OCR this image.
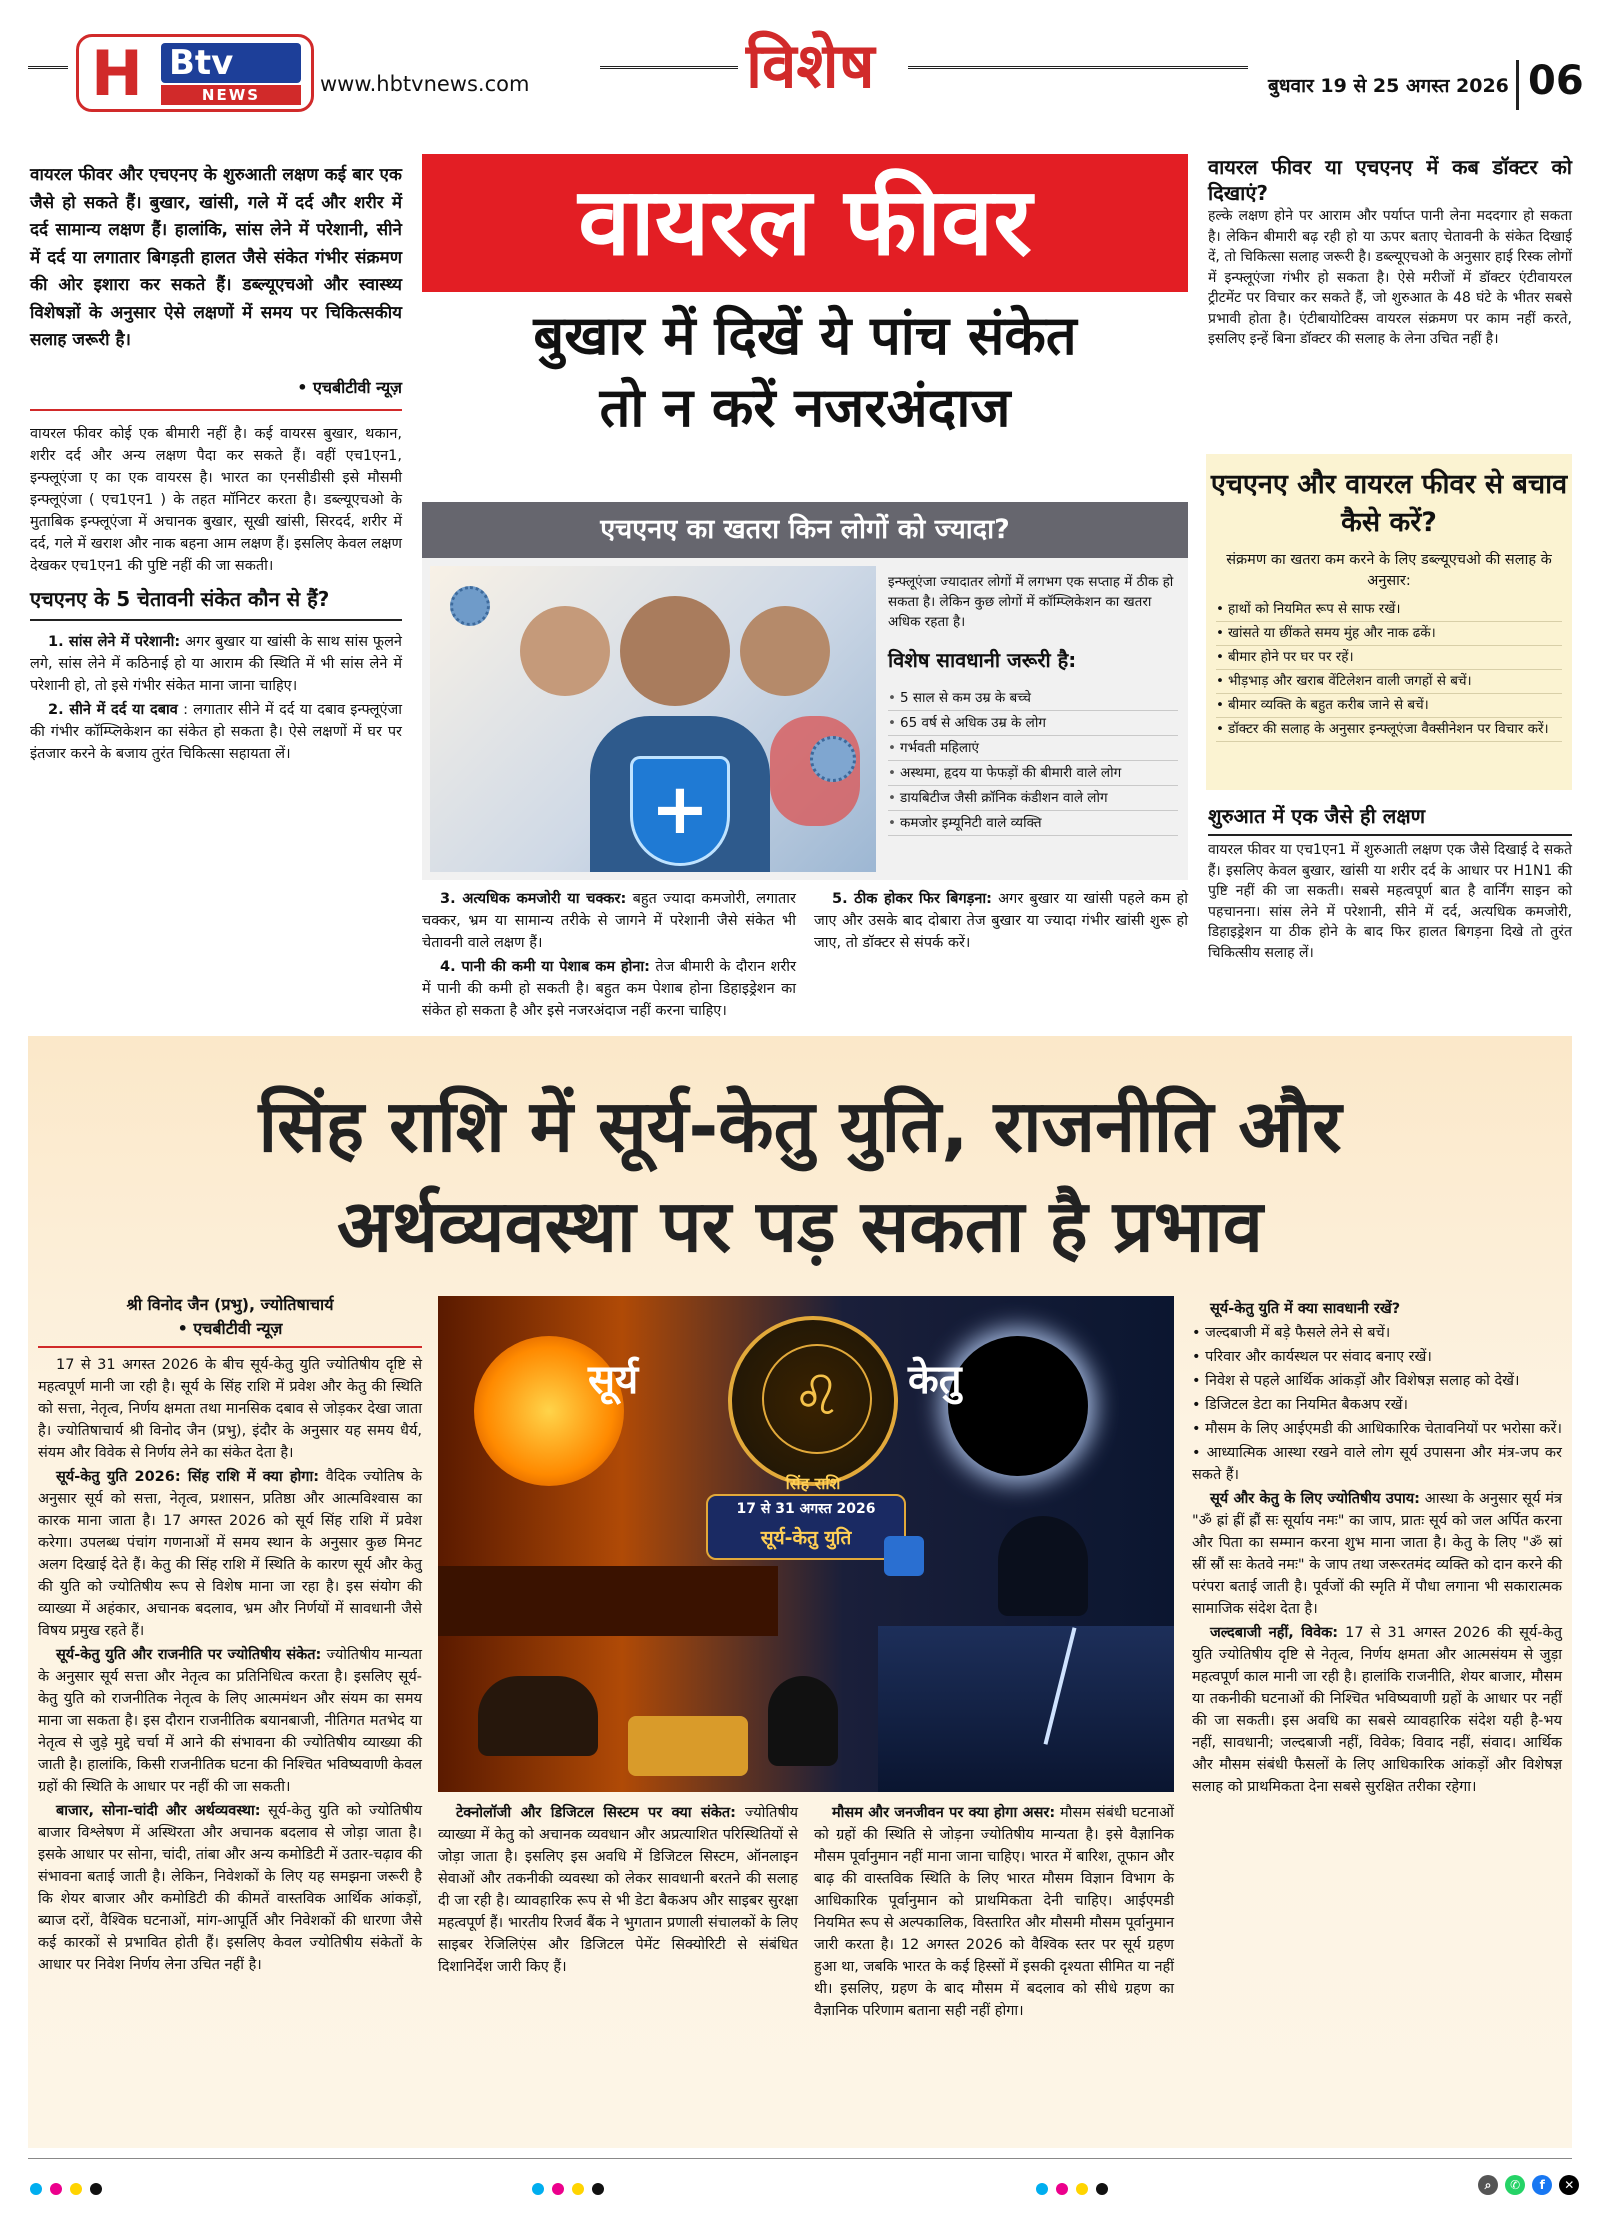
H Btv
NEWS	www.hbtvnews.com	विशेष	बुधवार 19 से 25 अगस्त 2026 06

वायरल फीवर और एचएनए के शुरुआती लक्षण कई बार एक जैसे हो सकते हैं। बुखार, खांसी, गले में दर्द और शरीर में दर्द सामान्य लक्षण हैं। हालांकि, सांस लेने में परेशानी, सीने में दर्द या लगातार बिगड़ती हालत जैसे संकेत गंभीर संक्रमण की ओर इशारा कर सकते हैं। डब्ल्यूएचओ और स्वास्थ्य विशेषज्ञों के अनुसार ऐसे लक्षणों में समय पर चिकित्सकीय सलाह जरूरी है।

• एचबीटीवी न्यूज़

वायरल फीवर कोई एक बीमारी नहीं है। कई वायरस बुखार, थकान, शरीर दर्द और अन्य लक्षण पैदा कर सकते हैं। वहीं एच1एन1, इन्फ्लूएंजा ए का एक वायरस है। भारत का एनसीडीसी इसे मौसमी इन्फ्लूएंजा ( एच1एन1 ) के तहत मॉनिटर करता है। डब्ल्यूएचओ के मुताबिक इन्फ्लूएंजा में अचानक बुखार, सूखी खांसी, सिरदर्द, शरीर में दर्द, गले में खराश और नाक बहना आम लक्षण हैं। इसलिए केवल लक्षण देखकर एच1एन1 की पुष्टि नहीं की जा सकती।

एचएनए के 5 चेतावनी संकेत कौन से हैं?

1. सांस लेने में परेशानी: अगर बुखार या खांसी के साथ सांस फूलने लगे, सांस लेने में कठिनाई हो या आराम की स्थिति में भी सांस लेने में परेशानी हो, तो इसे गंभीर संकेत माना जाना चाहिए।

2. सीने में दर्द या दबाव : लगातार सीने में दर्द या दबाव इन्फ्लूएंजा की गंभीर कॉम्प्लिकेशन का संकेत हो सकता है। ऐसे लक्षणों में घर पर इंतजार करने के बजाय तुरंत चिकित्सा सहायता लें।

वायरल फीवर
बुखार में दिखें ये पांच संकेत
तो न करें नजरअंदाज
एचएनए का खतरा किन लोगों को ज्यादा?
+
इन्फ्लूएंजा ज्यादातर लोगों में लगभग एक सप्ताह में ठीक हो सकता है। लेकिन कुछ लोगों में कॉम्प्लिकेशन का खतरा अधिक रहता है।
विशेष सावधानी जरूरी है:
• 5 साल से कम उम्र के बच्चे
• 65 वर्ष से अधिक उम्र के लोग
• गर्भवती महिलाएं
• अस्थमा, हृदय या फेफड़ों की बीमारी वाले लोग
• डायबिटीज जैसी क्रॉनिक कंडीशन वाले लोग
• कमजोर इम्यूनिटी वाले व्यक्ति

3. अत्यधिक कमजोरी या चक्कर: बहुत ज्यादा कमजोरी, लगातार चक्कर, भ्रम या सामान्य तरीके से जागने में परेशानी जैसे संकेत भी चेतावनी वाले लक्षण हैं।

4. पानी की कमी या पेशाब कम होना: तेज बीमारी के दौरान शरीर में पानी की कमी हो सकती है। बहुत कम पेशाब होना डिहाइड्रेशन का संकेत हो सकता है और इसे नजरअंदाज नहीं करना चाहिए।

5. ठीक होकर फिर बिगड़ना: अगर बुखार या खांसी पहले कम हो जाए और उसके बाद दोबारा तेज बुखार या ज्यादा गंभीर खांसी शुरू हो जाए, तो डॉक्टर से संपर्क करें।

वायरल फीवर या एचएनए में कब डॉक्टर को दिखाएं?

हल्के लक्षण होने पर आराम और पर्याप्त पानी लेना मददगार हो सकता है। लेकिन बीमारी बढ़ रही हो या ऊपर बताए चेतावनी के संकेत दिखाई दें, तो चिकित्सा सलाह जरूरी है। डब्ल्यूएचओ के अनुसार हाई रिस्क लोगों में इन्फ्लूएंजा गंभीर हो सकता है। ऐसे मरीजों में डॉक्टर एंटीवायरल ट्रीटमेंट पर विचार कर सकते हैं, जो शुरुआत के 48 घंटे के भीतर सबसे प्रभावी होता है। एंटीबायोटिक्स वायरल संक्रमण पर काम नहीं करते, इसलिए इन्हें बिना डॉक्टर की सलाह के लेना उचित नहीं है।

एचएनए और वायरल फीवर से बचाव कैसे करें?
संक्रमण का खतरा कम करने के लिए डब्ल्यूएचओ की सलाह के अनुसार:
• हाथों को नियमित रूप से साफ रखें।
• खांसते या छींकते समय मुंह और नाक ढकें।
• बीमार होने पर घर पर रहें।
• भीड़भाड़ और खराब वेंटिलेशन वाली जगहों से बचें।
• बीमार व्यक्ति के बहुत करीब जाने से बचें।
• डॉक्टर की सलाह के अनुसार इन्फ्लूएंजा वैक्सीनेशन पर विचार करें।
शुरुआत में एक जैसे ही लक्षण

वायरल फीवर या एच1एन1 में शुरुआती लक्षण एक जैसे दिखाई दे सकते हैं। इसलिए केवल बुखार, खांसी या शरीर दर्द के आधार पर H1N1 की पुष्टि नहीं की जा सकती। सबसे महत्वपूर्ण बात है वार्निंग साइन को पहचानना। सांस लेने में परेशानी, सीने में दर्द, अत्यधिक कमजोरी, डिहाइड्रेशन या ठीक होने के बाद फिर हालत बिगड़ना दिखे तो तुरंत चिकित्सीय सलाह लें।

सिंह राशि में सूर्य-केतु युति, राजनीति और
अर्थव्यवस्था पर पड़ सकता है प्रभाव

श्री विनोद जैन (प्रभु), ज्योतिषाचार्य

• एचबीटीवी न्यूज़

17 से 31 अगस्त 2026 के बीच सूर्य-केतु युति ज्योतिषीय दृष्टि से महत्वपूर्ण मानी जा रही है। सूर्य के सिंह राशि में प्रवेश और केतु की स्थिति को सत्ता, नेतृत्व, निर्णय क्षमता तथा मानसिक दबाव से जोड़कर देखा जाता है। ज्योतिषाचार्य श्री विनोद जैन (प्रभु), इंदौर के अनुसार यह समय धैर्य, संयम और विवेक से निर्णय लेने का संकेत देता है।

सूर्य-केतु युति 2026: सिंह राशि में क्या होगा: वैदिक ज्योतिष के अनुसार सूर्य को सत्ता, नेतृत्व, प्रशासन, प्रतिष्ठा और आत्मविश्वास का कारक माना जाता है। 17 अगस्त 2026 को सूर्य सिंह राशि में प्रवेश करेगा। उपलब्ध पंचांग गणनाओं में समय स्थान के अनुसार कुछ मिनट अलग दिखाई देते हैं। केतु की सिंह राशि में स्थिति के कारण सूर्य और केतु की युति को ज्योतिषीय रूप से विशेष माना जा रहा है। इस संयोग की व्याख्या में अहंकार, अचानक बदलाव, भ्रम और निर्णयों में सावधानी जैसे विषय प्रमुख रहते हैं।

सूर्य-केतु युति और राजनीति पर ज्योतिषीय संकेत: ज्योतिषीय मान्यता के अनुसार सूर्य सत्ता और नेतृत्व का प्रतिनिधित्व करता है। इसलिए सूर्य-केतु युति को राजनीतिक नेतृत्व के लिए आत्ममंथन और संयम का समय माना जा सकता है। इस दौरान राजनीतिक बयानबाजी, नीतिगत मतभेद या नेतृत्व से जुड़े मुद्दे चर्चा में आने की संभावना की ज्योतिषीय व्याख्या की जाती है। हालांकि, किसी राजनीतिक घटना की निश्चित भविष्यवाणी केवल ग्रहों की स्थिति के आधार पर नहीं की जा सकती।

बाजार, सोना-चांदी और अर्थव्यवस्था: सूर्य-केतु युति को ज्योतिषीय बाजार विश्लेषण में अस्थिरता और अचानक बदलाव से जोड़ा जाता है। इसके आधार पर सोना, चांदी, तांबा और अन्य कमोडिटी में उतार-चढ़ाव की संभावना बताई जाती है। लेकिन, निवेशकों के लिए यह समझना जरूरी है कि शेयर बाजार और कमोडिटी की कीमतें वास्तविक आर्थिक आंकड़ों, ब्याज दरों, वैश्विक घटनाओं, मांग-आपूर्ति और निवेशकों की धारणा जैसे कई कारकों से प्रभावित होती हैं। इसलिए केवल ज्योतिषीय संकेतों के आधार पर निवेश निर्णय लेना उचित नहीं है।

सूर्य	♌
सिंह राशि
केतु
17 से 31 अगस्त 2026
सूर्य-केतु युति

टेक्नोलॉजी और डिजिटल सिस्टम पर क्या संकेत: ज्योतिषीय व्याख्या में केतु को अचानक व्यवधान और अप्रत्याशित परिस्थितियों से जोड़ा जाता है। इसलिए इस अवधि में डिजिटल सिस्टम, ऑनलाइन सेवाओं और तकनीकी व्यवस्था को लेकर सावधानी बरतने की सलाह दी जा रही है। व्यावहारिक रूप से भी डेटा बैकअप और साइबर सुरक्षा महत्वपूर्ण हैं। भारतीय रिजर्व बैंक ने भुगतान प्रणाली संचालकों के लिए साइबर रेजिलिएंस और डिजिटल पेमेंट सिक्योरिटी से संबंधित दिशानिर्देश जारी किए हैं।

मौसम और जनजीवन पर क्या होगा असर: मौसम संबंधी घटनाओं को ग्रहों की स्थिति से जोड़ना ज्योतिषीय मान्यता है। इसे वैज्ञानिक मौसम पूर्वानुमान नहीं माना जाना चाहिए। भारत में बारिश, तूफान और बाढ़ की वास्तविक स्थिति के लिए भारत मौसम विज्ञान विभाग के आधिकारिक पूर्वानुमान को प्राथमिकता देनी चाहिए। आईएमडी नियमित रूप से अल्पकालिक, विस्तारित और मौसमी मौसम पूर्वानुमान जारी करता है। 12 अगस्त 2026 को वैश्विक स्तर पर सूर्य ग्रहण हुआ था, जबकि भारत के कई हिस्सों में इसकी दृश्यता सीमित या नहीं थी। इसलिए, ग्रहण के बाद मौसम में बदलाव को सीधे ग्रहण का वैज्ञानिक परिणाम बताना सही नहीं होगा।

सूर्य-केतु युति में क्या सावधानी रखें?

• जल्दबाजी में बड़े फैसले लेने से बचें।

• परिवार और कार्यस्थल पर संवाद बनाए रखें।

• निवेश से पहले आर्थिक आंकड़ों और विशेषज्ञ सलाह को देखें।

• डिजिटल डेटा का नियमित बैकअप रखें।

• मौसम के लिए आईएमडी की आधिकारिक चेतावनियों पर भरोसा करें।

• आध्यात्मिक आस्था रखने वाले लोग सूर्य उपासना और मंत्र-जप कर सकते हैं।

सूर्य और केतु के लिए ज्योतिषीय उपाय: आस्था के अनुसार सूर्य मंत्र "ॐ ह्रां ह्रीं ह्रौं सः सूर्याय नमः" का जाप, प्रातः सूर्य को जल अर्पित करना और पिता का सम्मान करना शुभ माना जाता है। केतु के लिए "ॐ स्रां स्रीं स्रौं सः केतवे नमः" के जाप तथा जरूरतमंद व्यक्ति को दान करने की परंपरा बताई जाती है। पूर्वजों की स्मृति में पौधा लगाना भी सकारात्मक सामाजिक संदेश देता है।

जल्दबाजी नहीं, विवेक: 17 से 31 अगस्त 2026 की सूर्य-केतु युति ज्योतिषीय दृष्टि से नेतृत्व, निर्णय क्षमता और आत्मसंयम से जुड़ा महत्वपूर्ण काल मानी जा रही है। हालांकि राजनीति, शेयर बाजार, मौसम या तकनीकी घटनाओं की निश्चित भविष्यवाणी ग्रहों के आधार पर नहीं की जा सकती। इस अवधि का सबसे व्यावहारिक संदेश यही है-भय नहीं, सावधानी; जल्दबाजी नहीं, विवेक; विवाद नहीं, संवाद। आर्थिक और मौसम संबंधी फैसलों के लिए आधिकारिक आंकड़ों और विशेषज्ञ सलाह को प्राथमिकता देना सबसे सुरक्षित तरीका रहेगा।

⌕ ✆ f ✕
